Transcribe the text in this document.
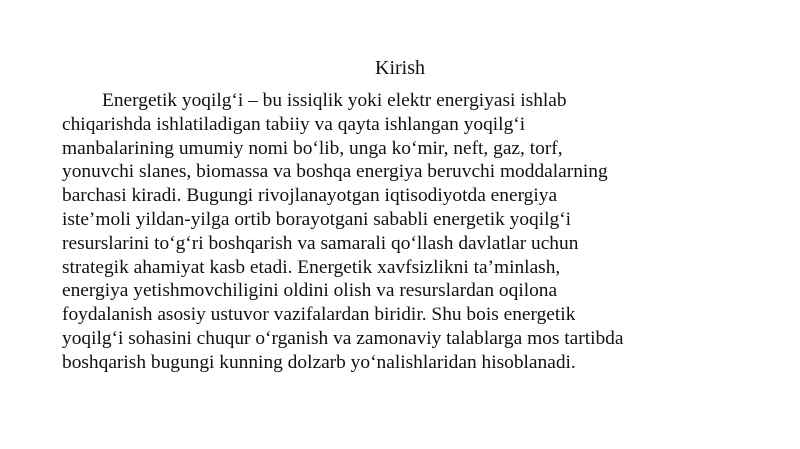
Kirish
Energetik yoqilg‘i – bu issiqlik yoki elektr energiyasi ishlab
chiqarishda ishlatiladigan tabiiy va qayta ishlangan yoqilg‘i
manbalarining umumiy nomi bo‘lib, unga ko‘mir, neft, gaz, torf,
yonuvchi slanes, biomassa va boshqa energiya beruvchi moddalarning
barchasi kiradi. Bugungi rivojlanayotgan iqtisodiyotda energiya
iste’moli yildan-yilga ortib borayotgani sababli energetik yoqilg‘i
resurslarini to‘g‘ri boshqarish va samarali qo‘llash davlatlar uchun
strategik ahamiyat kasb etadi. Energetik xavfsizlikni ta’minlash,
energiya yetishmovchiligini oldini olish va resurslardan oqilona
foydalanish asosiy ustuvor vazifalardan biridir. Shu bois energetik
yoqilg‘i sohasini chuqur o‘rganish va zamonaviy talablarga mos tartibda
boshqarish bugungi kunning dolzarb yo‘nalishlaridan hisoblanadi.
